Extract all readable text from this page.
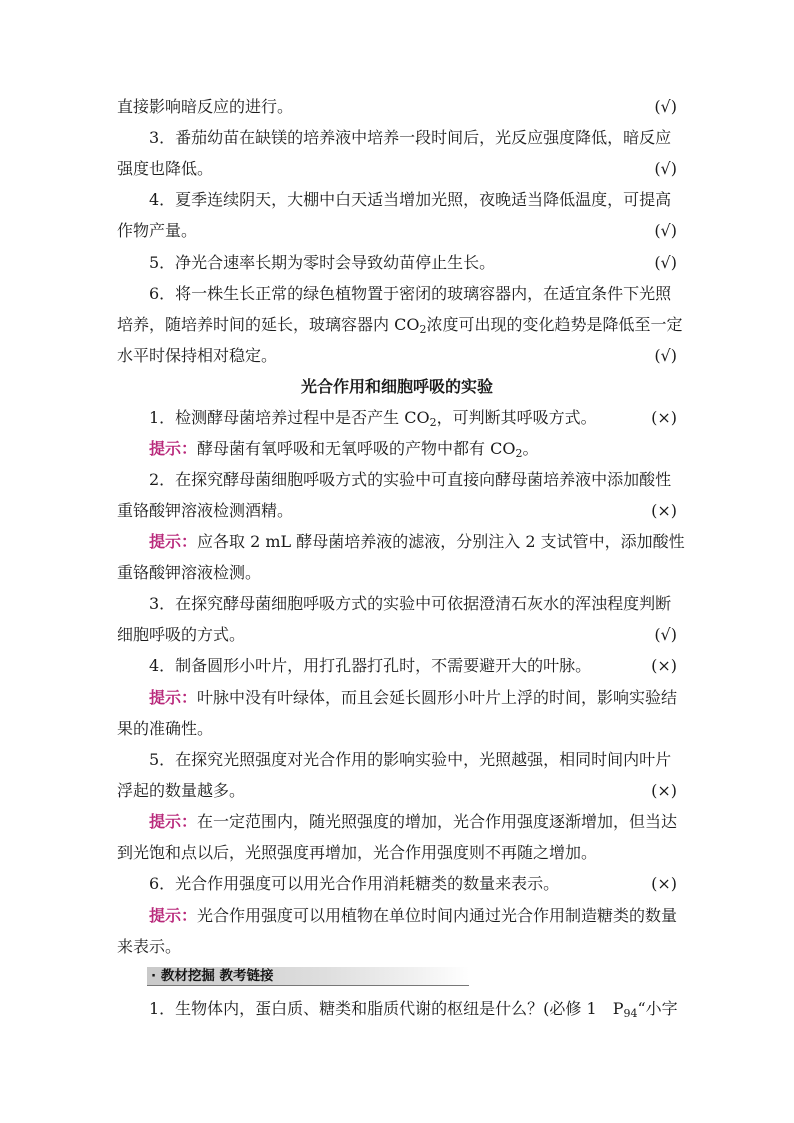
直接影响暗反应的进行。	(√)
3．番茄幼苗在缺镁的培养液中培养一段时间后，光反应强度降低，暗反应
强度也降低。	(√)
4．夏季连续阴天，大棚中白天适当增加光照，夜晚适当降低温度，可提高
作物产量。	(√)
5．净光合速率长期为零时会导致幼苗停止生长。	(√)
6．将一株生长正常的绿色植物置于密闭的玻璃容器内，在适宜条件下光照
培养，随培养时间的延长，玻璃容器内 $CO_2$浓度可出现的变化趋势是降低至一定
水平时保持相对稳定。	(√)
光合作用和细胞呼吸的实验
1．检测酵母菌培养过程中是否产生 $CO_2$，可判断其呼吸方式。	(×)
提示：酵母菌有氧呼吸和无氧呼吸的产物中都有 $CO_2$。
2．在探究酵母菌细胞呼吸方式的实验中可直接向酵母菌培养液中添加酸性
重铬酸钾溶液检测酒精。	(×)
提示：应各取 2 mL 酵母菌培养液的滤液，分别注入 2 支试管中，添加酸性
重铬酸钾溶液检测。
3．在探究酵母菌细胞呼吸方式的实验中可依据澄清石灰水的浑浊程度判断
细胞呼吸的方式。	(√)
4．制备圆形小叶片，用打孔器打孔时，不需要避开大的叶脉。	(×)
提示：叶脉中没有叶绿体，而且会延长圆形小叶片上浮的时间，影响实验结
果的准确性。
5．在探究光照强度对光合作用的影响实验中，光照越强，相同时间内叶片
浮起的数量越多。	(×)
提示：在一定范围内，随光照强度的增加，光合作用强度逐渐增加，但当达
到光饱和点以后，光照强度再增加，光合作用强度则不再随之增加。
6．光合作用强度可以用光合作用消耗糖类的数量来表示。	(×)
提示：光合作用强度可以用植物在单位时间内通过光合作用制造糖类的数量
来表示。
· 教材挖掘 教考链接
1．生物体内，蛋白质、糖类和脂质代谢的枢纽是什么？(必修 1　$P_{94}“$小字
